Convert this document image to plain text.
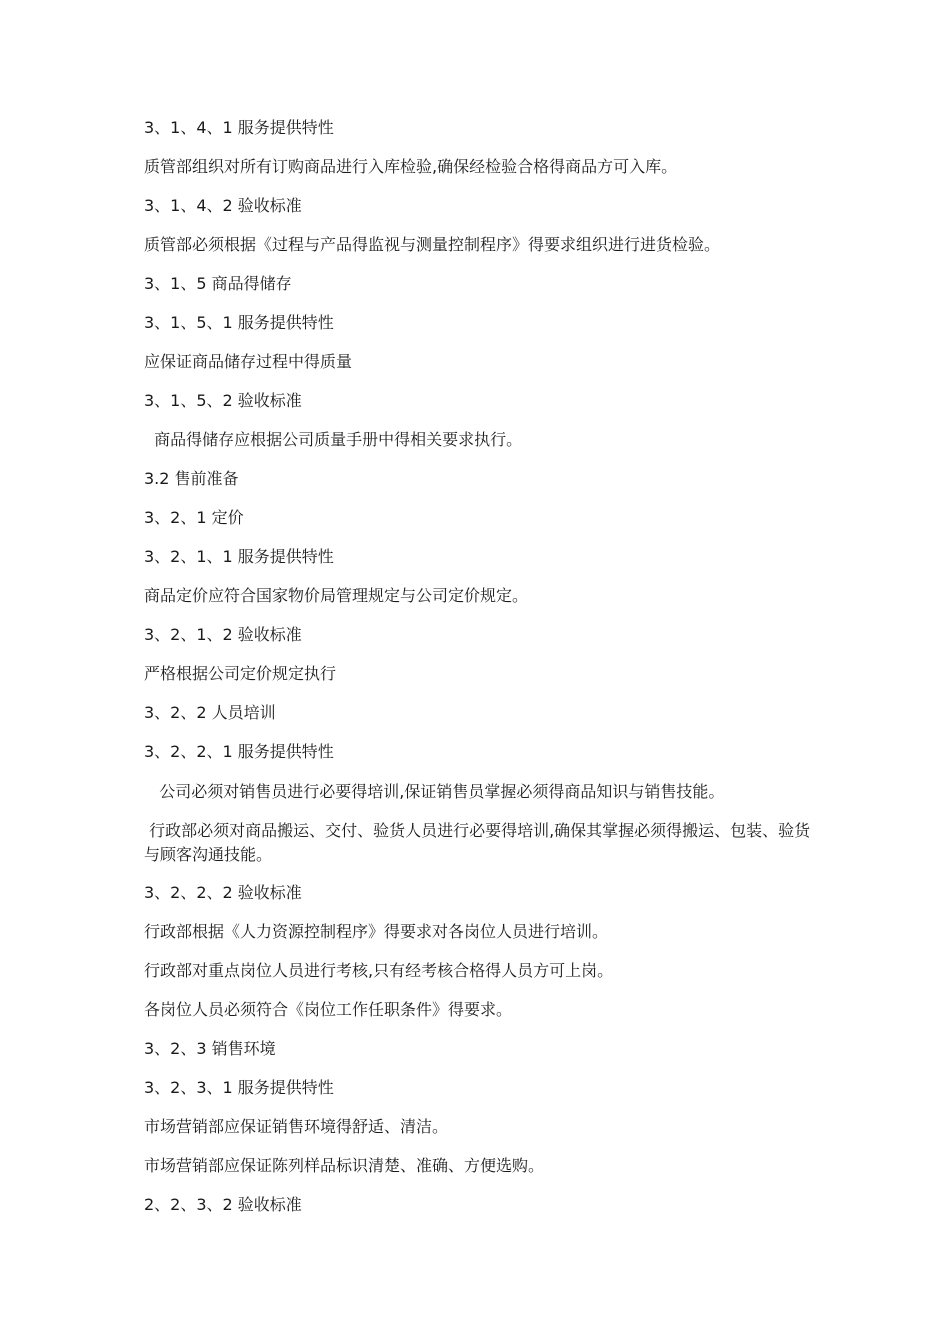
3、1、4、1 服务提供特性

质管部组织对所有订购商品进行入库检验,确保经检验合格得商品方可入库。

3、1、4、2 验收标准

质管部必须根据《过程与产品得监视与测量控制程序》得要求组织进行进货检验。

3、1、5 商品得储存

3、1、5、1 服务提供特性

应保证商品储存过程中得质量

3、1、5、2 验收标准

商品得储存应根据公司质量手册中得相关要求执行。

3.2 售前准备

3、2、1 定价

3、2、1、1 服务提供特性

商品定价应符合国家物价局管理规定与公司定价规定。

3、2、1、2 验收标准

严格根据公司定价规定执行

3、2、2 人员培训

3、2、2、1 服务提供特性

公司必须对销售员进行必要得培训,保证销售员掌握必须得商品知识与销售技能。

行政部必须对商品搬运、交付、验货人员进行必要得培训,确保其掌握必须得搬运、包装、验货与顾客沟通技能。

3、2、2、2 验收标准

行政部根据《人力资源控制程序》得要求对各岗位人员进行培训。

行政部对重点岗位人员进行考核,只有经考核合格得人员方可上岗。

各岗位人员必须符合《岗位工作任职条件》得要求。

3、2、3 销售环境

3、2、3、1 服务提供特性

市场营销部应保证销售环境得舒适、清洁。

市场营销部应保证陈列样品标识清楚、准确、方便选购。

2、2、3、2 验收标准
